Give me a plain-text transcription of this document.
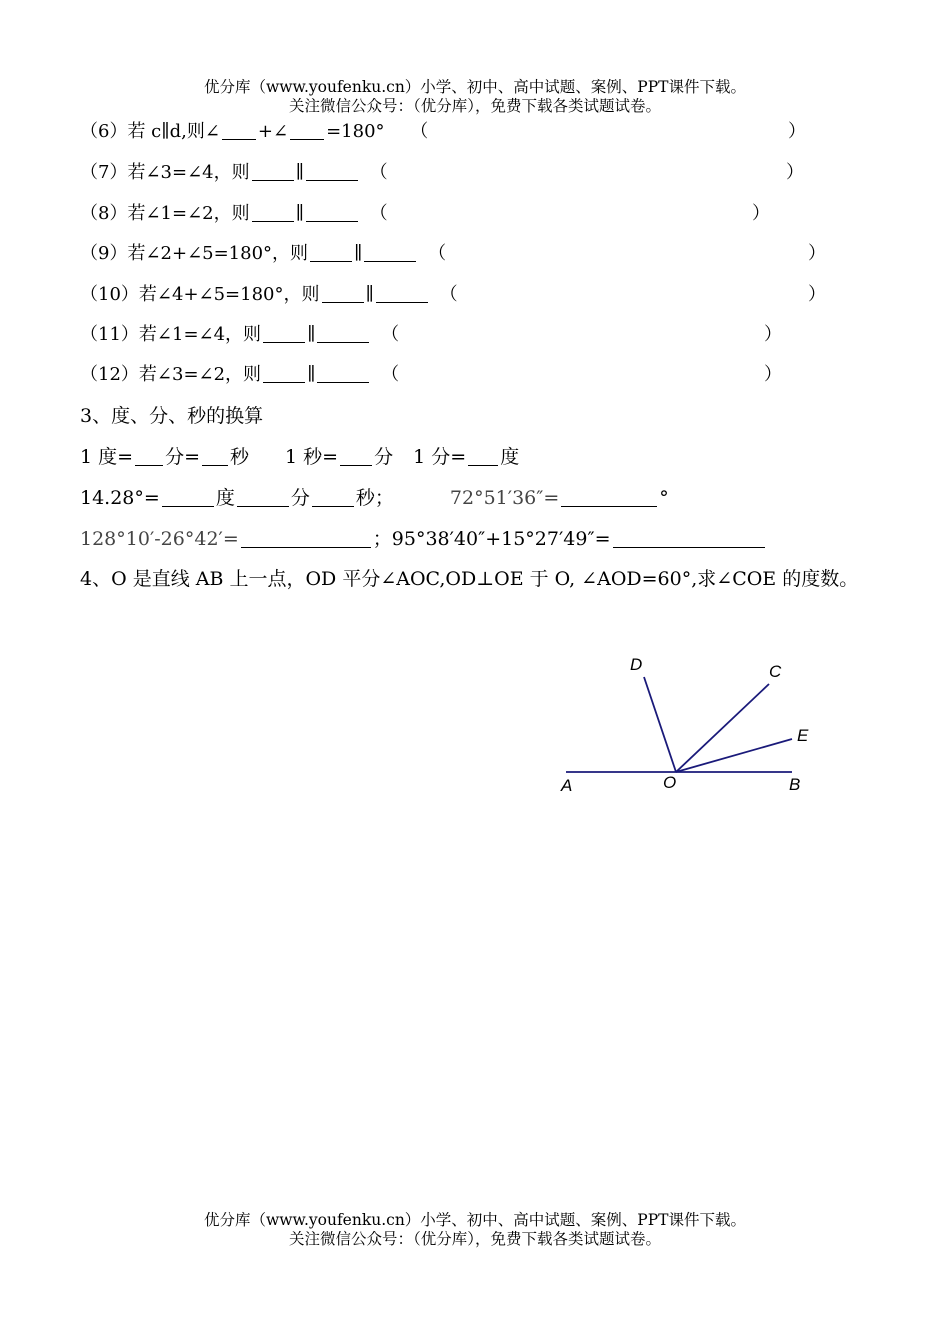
优分库（www.youfenku.cn）小学、初中、高中试题、案例、PPT课件下载。
关注微信公众号：（优分库），免费下载各类试题试卷。
（6）若 c∥d,则∠ +∠ =180° （	）
（7）若∠3=∠4，则	∥	（	）
（8）若∠1=∠2，则	∥	（	）
（9）若∠2+∠5=180°，则	∥	（	）
（10）若∠4+∠5=180°，则	∥	（	）
（11）若∠1=∠4，则	∥	（	）
（12）若∠3=∠2，则	∥	（	）
3、度、分、秒的换算
1 度= 分= 秒 1 秒= 分 1 分= 度
14.28°=	度	分 秒；	72°51′36″=	°
128°10′-26°42′=	；95°38′40″+15°27′49″=
4、O 是直线 AB 上一点，OD 平分∠AOC,OD⊥OE 于 O, ∠AOD=60°,求∠COE 的度数。
A	B
O
C
D
E
优分库（www.youfenku.cn）小学、初中、高中试题、案例、PPT课件下载。
关注微信公众号：（优分库），免费下载各类试题试卷。
